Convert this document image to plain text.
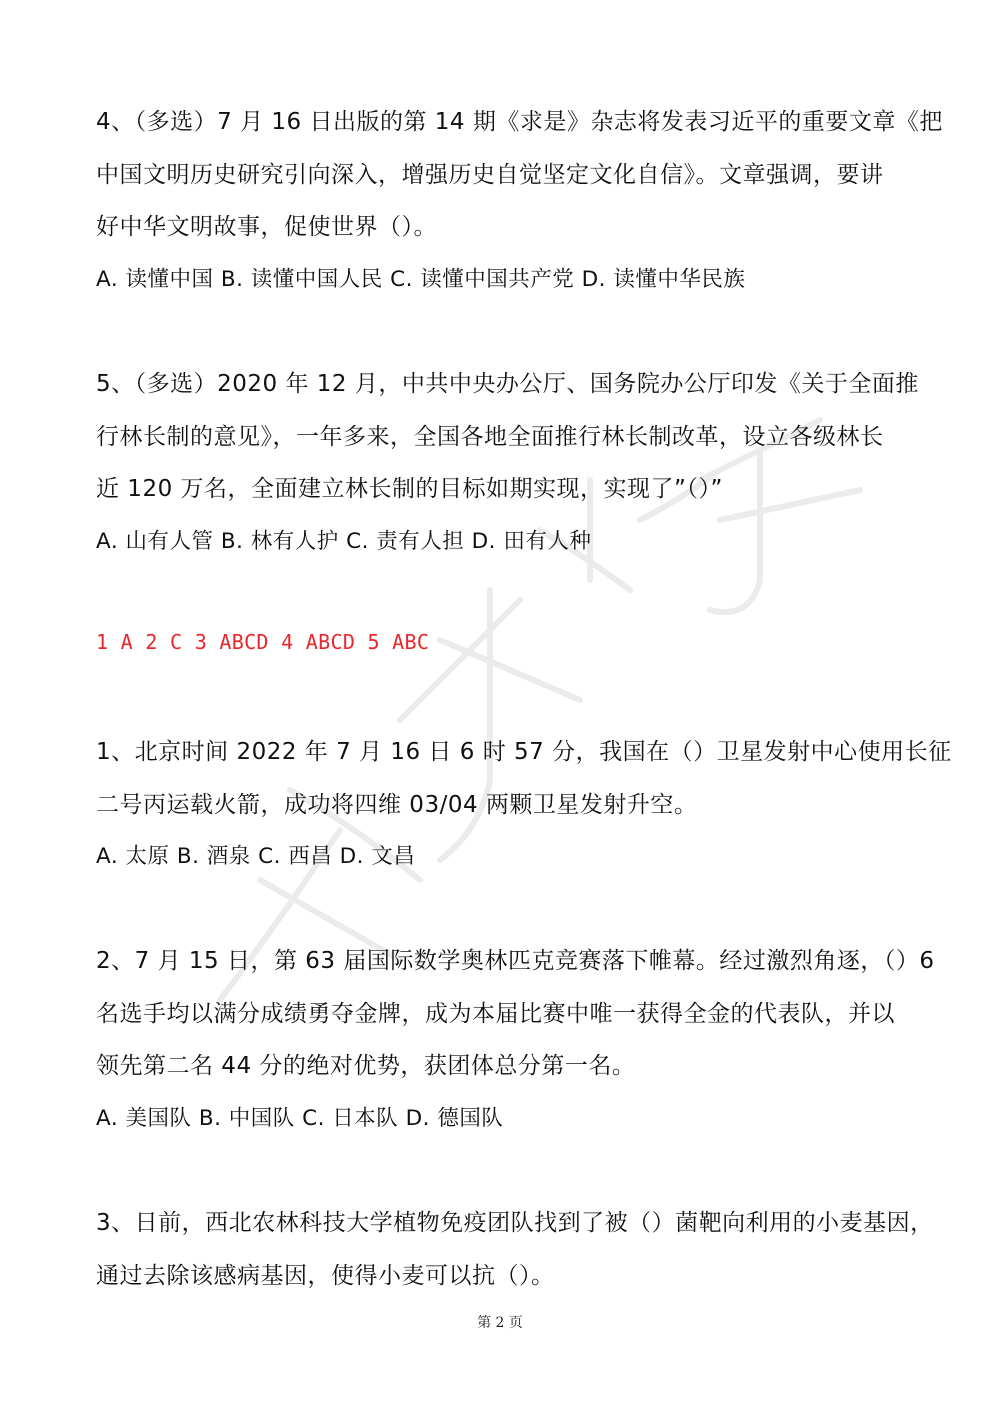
4、（多选）7 月 16 日出版的第 14 期《求是》杂志将发表习近平的重要文章《把

中国文明历史研究引向深入，增强历史自觉坚定文化自信》。文章强调，要讲

好中华文明故事，促使世界（）。

A. 读懂中国 B. 读懂中国人民 C. 读懂中国共产党 D. 读懂中华民族

5、（多选）2020 年 12 月，中共中央办公厅、国务院办公厅印发《关于全面推

行林长制的意见》，一年多来，全国各地全面推行林长制改革，设立各级林长

近 120 万名，全面建立林长制的目标如期实现，实现了”（）”

A. 山有人管 B. 林有人护 C. 责有人担 D. 田有人种

1 A 2 C 3 ABCD 4 ABCD 5 ABC

1、北京时间 2022 年 7 月 16 日 6 时 57 分，我国在（）卫星发射中心使用长征

二号丙运载火箭，成功将四维 03/04 两颗卫星发射升空。

A. 太原 B. 酒泉 C. 西昌 D. 文昌

2、7 月 15 日，第 63 届国际数学奥林匹克竞赛落下帷幕。经过激烈角逐，（）6

名选手均以满分成绩勇夺金牌，成为本届比赛中唯一获得全金的代表队，并以

领先第二名 44 分的绝对优势，获团体总分第一名。

A. 美国队 B. 中国队 C. 日本队 D. 德国队

3、日前，西北农林科技大学植物免疫团队找到了被（）菌靶向利用的小麦基因，

通过去除该感病基因，使得小麦可以抗（）。

第 2 页
